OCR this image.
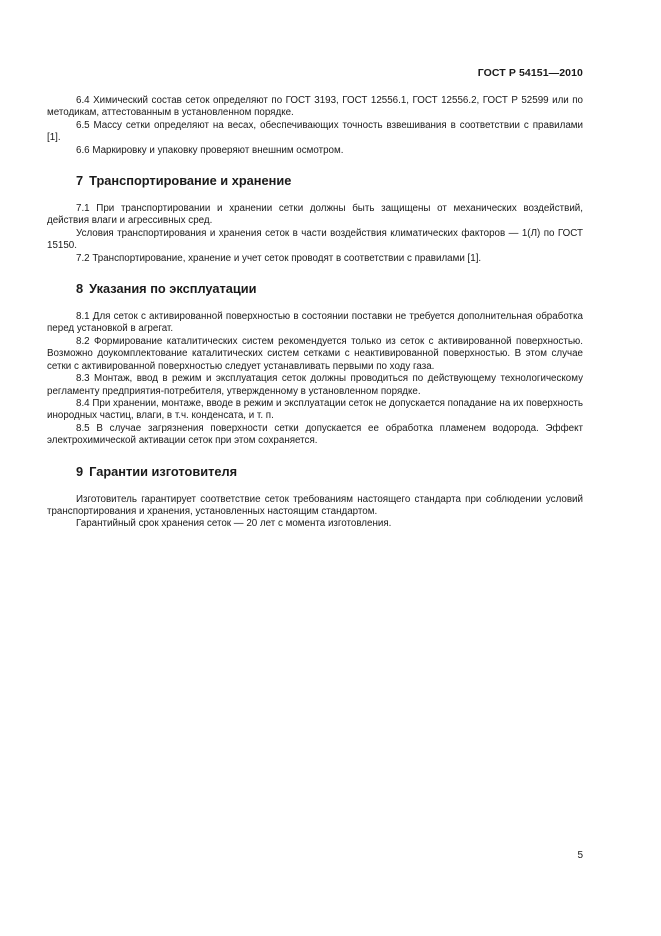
ГОСТ Р 54151—2010

6.4 Химический состав сеток определяют по ГОСТ 3193, ГОСТ 12556.1, ГОСТ 12556.2, ГОСТ Р 52599 или по методикам, аттестованным в установленном порядке.

6.5 Массу сетки определяют на весах, обеспечивающих точность взвешивания в соответствии с правилами [1].

6.6 Маркировку и упаковку проверяют внешним осмотром.

7 Транспортирование и хранение

7.1 При транспортировании и хранении сетки должны быть защищены от механических воздействий, действия влаги и агрессивных сред.

Условия транспортирования и хранения сеток в части воздействия климатических факторов — 1(Л) по ГОСТ 15150.

7.2 Транспортирование, хранение и учет сеток проводят в соответствии с правилами [1].

8 Указания по эксплуатации

8.1 Для сеток с активированной поверхностью в состоянии поставки не требуется дополнительная обработка перед установкой в агрегат.

8.2 Формирование каталитических систем рекомендуется только из сеток с активированной поверхностью. Возможно доукомплектование каталитических систем сетками с неактивированной поверхностью. В этом случае сетки с активированной поверхностью следует устанавливать первыми по ходу газа.

8.3 Монтаж, ввод в режим и эксплуатация сеток должны проводиться по действующему технологическому регламенту предприятия-потребителя, утвержденному в установленном порядке.

8.4 При хранении, монтаже, вводе в режим и эксплуатации сеток не допускается попадание на их поверхность инородных частиц, влаги, в т.ч. конденсата, и т. п.

8.5 В случае загрязнения поверхности сетки допускается ее обработка пламенем водорода. Эффект электрохимической активации сеток при этом сохраняется.

9 Гарантии изготовителя

Изготовитель гарантирует соответствие сеток требованиям настоящего стандарта при соблюдении условий транспортирования и хранения, установленных настоящим стандартом.

Гарантийный срок хранения сеток — 20 лет с момента изготовления.

5
